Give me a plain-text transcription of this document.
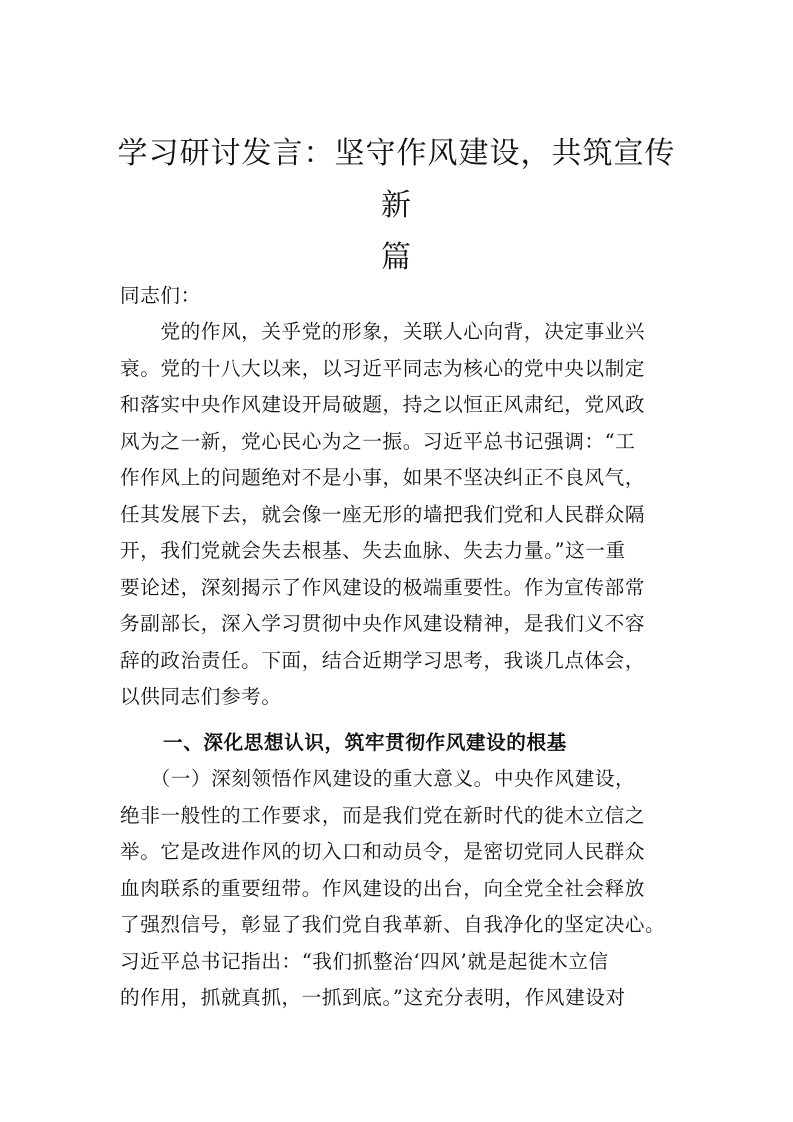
学习研讨发言：坚守作风建设，共筑宣传新
篇
同志们：
　　党的作风，关乎党的形象，关联人心向背，决定事业兴
衰。党的十八大以来，以习近平同志为核心的党中央以制定
和落实中央作风建设开局破题，持之以恒正风肃纪，党风政
风为之一新，党心民心为之一振。习近平总书记强调：“工
作作风上的问题绝对不是小事，如果不坚决纠正不良风气，
任其发展下去，就会像一座无形的墙把我们党和人民群众隔
开，我们党就会失去根基、失去血脉、失去力量。”这一重
要论述，深刻揭示了作风建设的极端重要性。作为宣传部常
务副部长，深入学习贯彻中央作风建设精神，是我们义不容
辞的政治责任。下面，结合近期学习思考，我谈几点体会，
以供同志们参考。
一、深化思想认识，筑牢贯彻作风建设的根基
　　（一）深刻领悟作风建设的重大意义。中央作风建设，
绝非一般性的工作要求，而是我们党在新时代的徙木立信之
举。它是改进作风的切入口和动员令，是密切党同人民群众
血肉联系的重要纽带。作风建设的出台，向全党全社会释放
了强烈信号，彰显了我们党自我革新、自我净化的坚定决心。
习近平总书记指出：“我们抓整治‘四风’就是起徙木立信
的作用，抓就真抓，一抓到底。”这充分表明，作风建设对
